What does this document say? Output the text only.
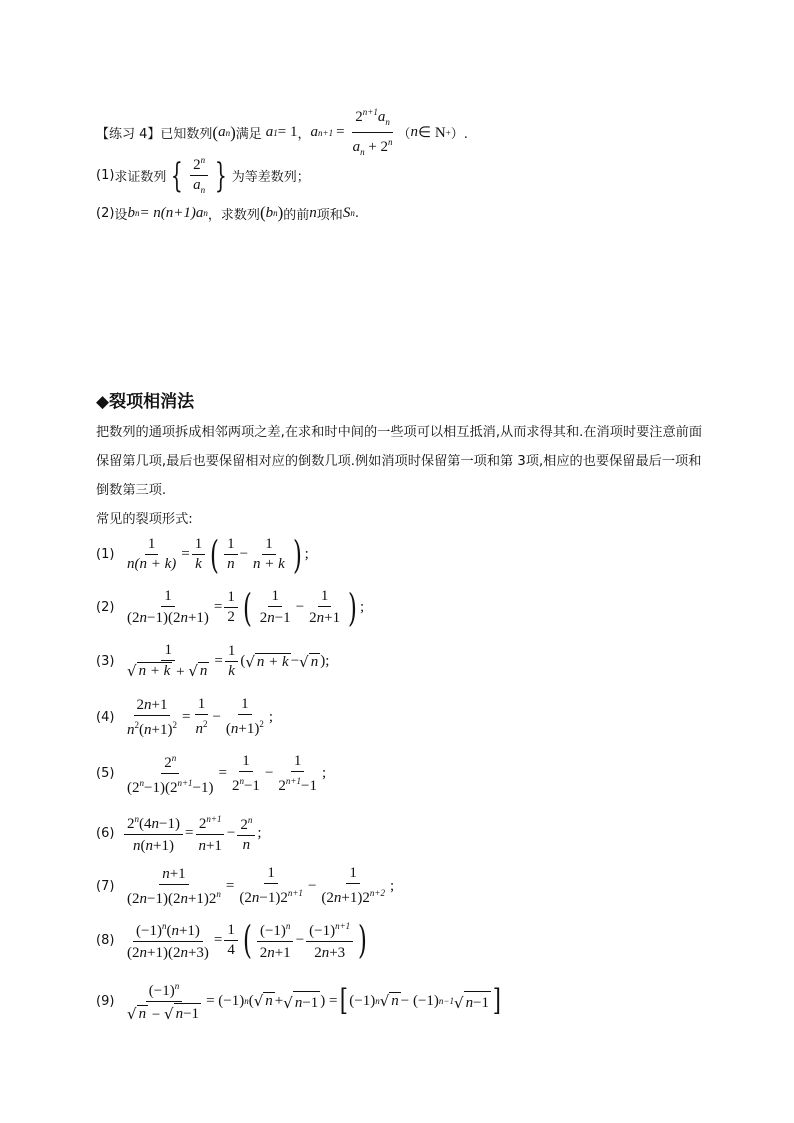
【练习 4】 已知数列 ( a n ) 满足 a 1 = 1 ， a $n+1 = \frac{2^{n+1}a_n}{a_n + 2^n}$ （ n ∈ N + ）.
(1) 求证数列 { $\frac{2^n}{a_n}$ } 为等差数列；
(2) 设 b n = n(n+1)a n ，求数列 ( b n ) 的前 n 项和 S n .
◆裂项相消法
把数列的通项拆成相邻两项之差,在求和时中间的一些项可以相互抵消,从而求得其和.在消项时要注意前面保留第几项,最后也要保留相对应的倒数几项.例如消项时保留第一项和第 3项,相应的也要保留最后一项和倒数第三项.
常见的裂项形式:
$(1) \frac{1}{n(n + k)} = \frac{1}{k}$ ( $\frac{1}{n} - \frac{1}{n + k}$ ) ;
$(2) \frac{1}{(2n-1)(2n+1)} = \frac{1}{2}$ ( $\frac{1}{2n-1} - \frac{1}{2n+1}$ ) ;
$(3) \frac{1}{√ n + k + √ n} = \frac{1}{k}$ ( √ n + k − √ n );
$(4) \frac{2n+1}{n^2(n+1)^2} = \frac{1}{n^2} - \frac{1}{(n+1)^2}$ ;
$(5) \frac{2^n}{(2^n-1)(2^{n+1}-1)} = \frac{1}{2^n-1} - \frac{1}{2^{n+1}-1}$ ;
$(6) \frac{2^n(4n-1)}{n(n+1)} = \frac{2^{n+1}}{n+1} - \frac{2^n}{n}$ ;
$(7) \frac{n+1}{(2n-1)(2n+1)2^n} = \frac{1}{(2n-1)2^{n+1}} - \frac{1}{(2n+1)2^{n+2}}$ ;
$(8) \frac{(-1)^n(n+1)}{(2n+1)(2n+3)} = \frac{1}{4}$ ( $\frac{(-1)^n}{2n+1} - \frac{(-1)^{n+1}}{2n+3}$ )
$(9) \frac{(-1)^n}{√ n - √ n-1} = (-1)$ n ( √ n + √ n−1 ) = [ (−1) n √ n − (−1) n−1 √ n−1 ]
